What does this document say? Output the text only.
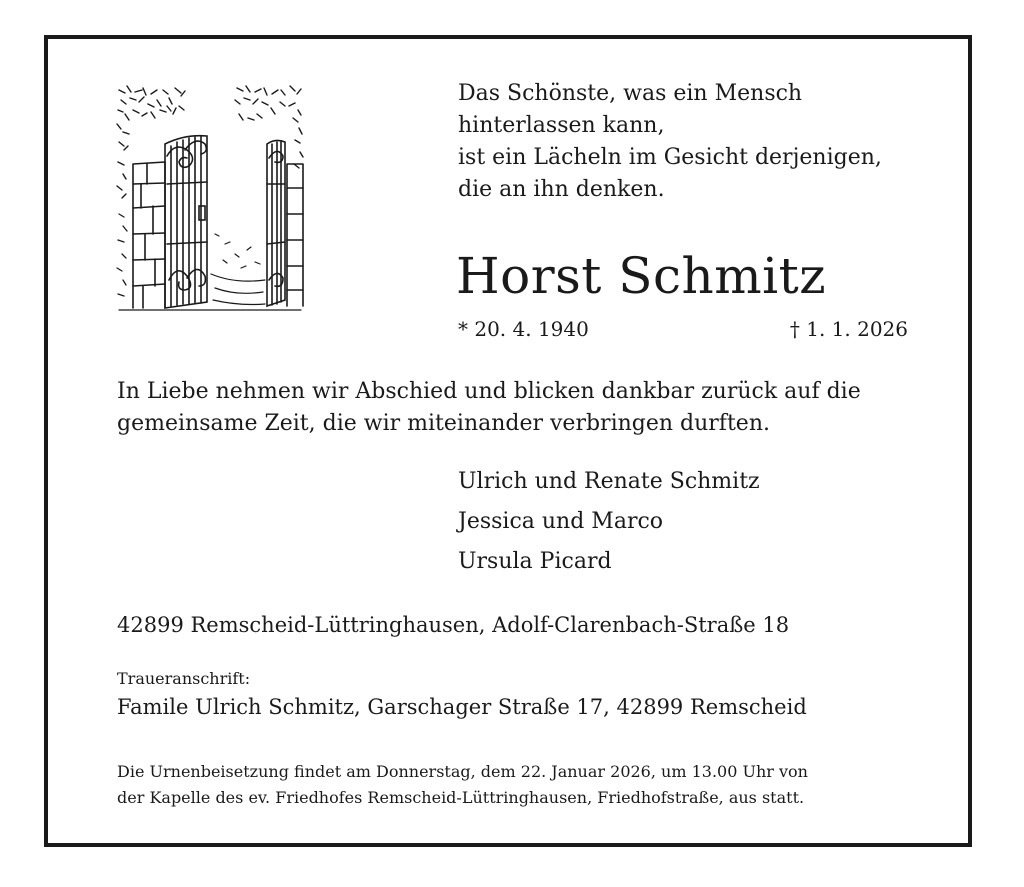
Das Schönste, was ein Mensch
hinterlassen kann,
ist ein Lächeln im Gesicht derjenigen,
die an ihn denken.
Horst Schmitz
* 20. 4. 1940	† 1. 1. 2026
In Liebe nehmen wir Abschied und blicken dankbar zurück auf die
gemeinsame Zeit, die wir miteinander verbringen durften.
Ulrich und Renate Schmitz
Jessica und Marco
Ursula Picard
42899 Remscheid-Lüttringhausen, Adolf-Clarenbach-Straße 18
Traueranschrift:
Famile Ulrich Schmitz, Garschager Straße 17, 42899 Remscheid
Die Urnenbeisetzung findet am Donnerstag, dem 22. Januar 2026, um 13.00 Uhr von
der Kapelle des ev. Friedhofes Remscheid-Lüttringhausen, Friedhofstraße, aus statt.
